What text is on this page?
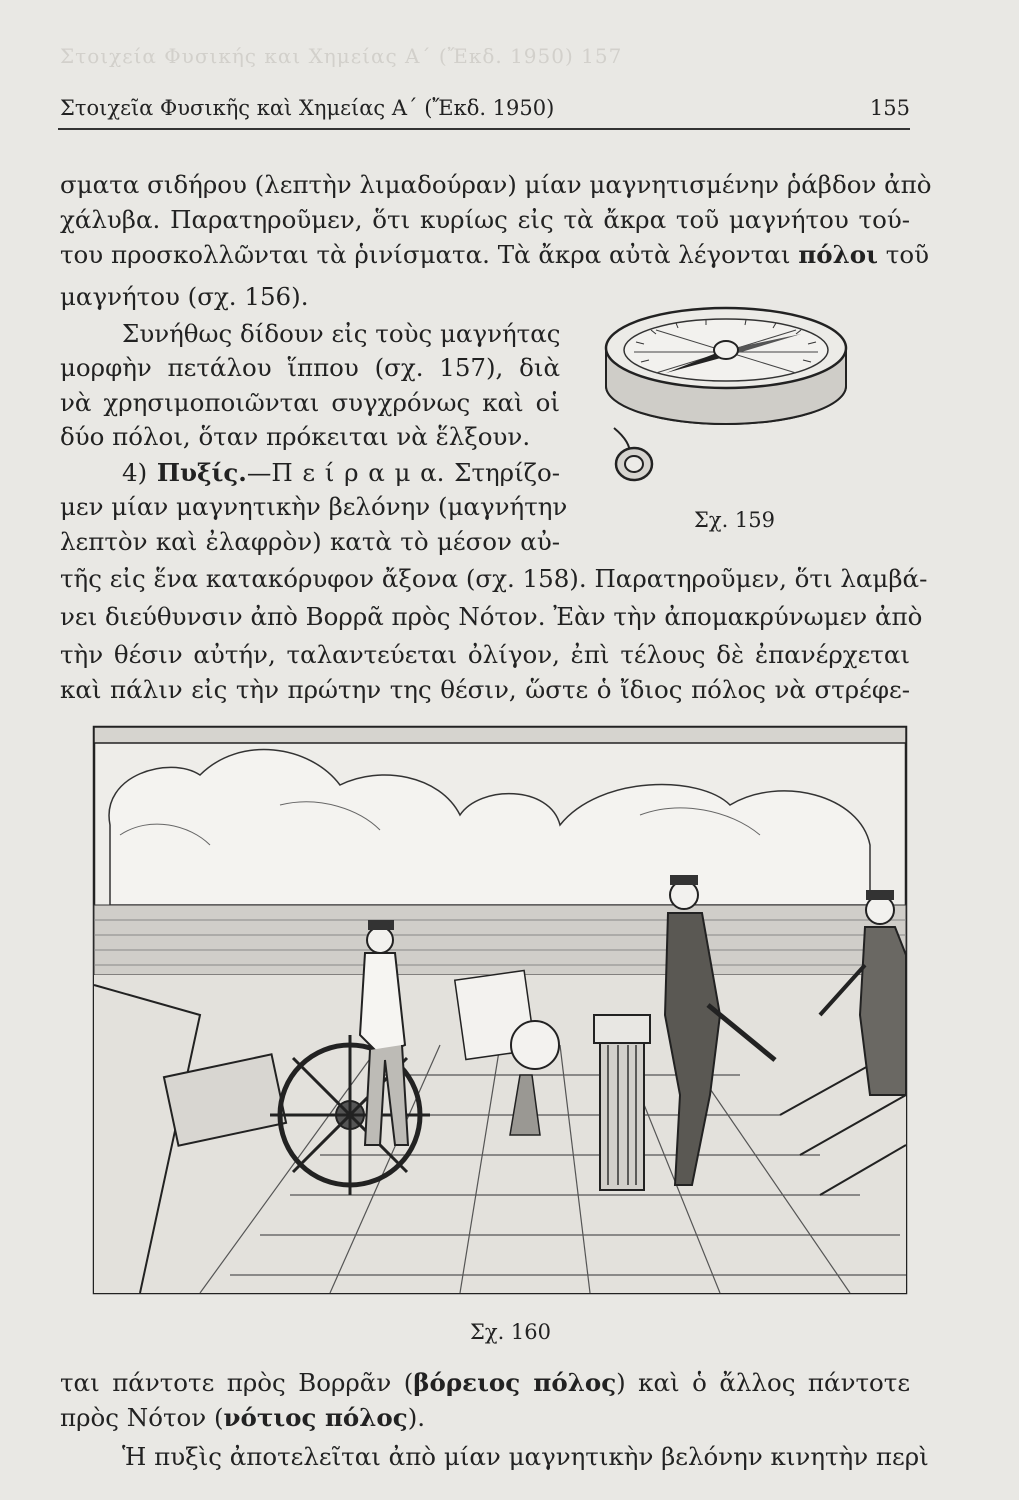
Στοιχεία Φυσικής και Χημείας Α΄ (Ἔκδ. 1950) 157
Στοιχεῖα Φυσικῆς καὶ Χημείας Α΄ (Ἔκδ. 1950)	155
σματα σιδήρου (λεπτὴν λιμαδούραν) μίαν μαγνητισμένην ῥάβδον ἀπὸ
χάλυβα. Παρατηροῦμεν, ὅτι κυρίως εἰς τὰ ἄκρα τοῦ μαγνήτου τού-
του προσκολλῶνται τὰ ῥινίσματα. Τὰ ἄκρα αὐτὰ λέγονται πόλοι τοῦ
μαγνήτου (σχ. 156).
Συνήθως δίδουν εἰς τοὺς μαγνήτας
μορφὴν πετάλου ἵππου (σχ. 157), διὰ
νὰ χρησιμοποιῶνται συγχρόνως καὶ οἱ
δύο πόλοι, ὅταν πρόκειται νὰ ἕλξουν.
4) Πυξίς.—Π ε ί ρ α μ α. Στηρίζο-
μεν μίαν μαγνητικὴν βελόνην (μαγνήτην
λεπτὸν καὶ ἐλαφρὸν) κατὰ τὸ μέσον αὐ-
τῆς εἰς ἕνα κατακόρυφον ἄξονα (σχ. 158). Παρατηροῦμεν, ὅτι λαμβά-
νει διεύθυνσιν ἀπὸ Βορρᾶ πρὸς Νότον. Ἐὰν τὴν ἀπομακρύνωμεν ἀπὸ
τὴν θέσιν αὐτήν, ταλαντεύεται ὀλίγον, ἐπὶ τέλους δὲ ἐπανέρχεται
καὶ πάλιν εἰς τὴν πρώτην της θέσιν, ὥστε ὁ ἴδιος πόλος νὰ στρέφε-
Σχ. 159
Σχ. 160
ται πάντοτε πρὸς Βορρᾶν (βόρειος πόλος) καὶ ὁ ἄλλος πάντοτε
πρὸς Νότον (νότιος πόλος).
Ἡ πυξὶς ἀποτελεῖται ἀπὸ μίαν μαγνητικὴν βελόνην κινητὴν περὶ
